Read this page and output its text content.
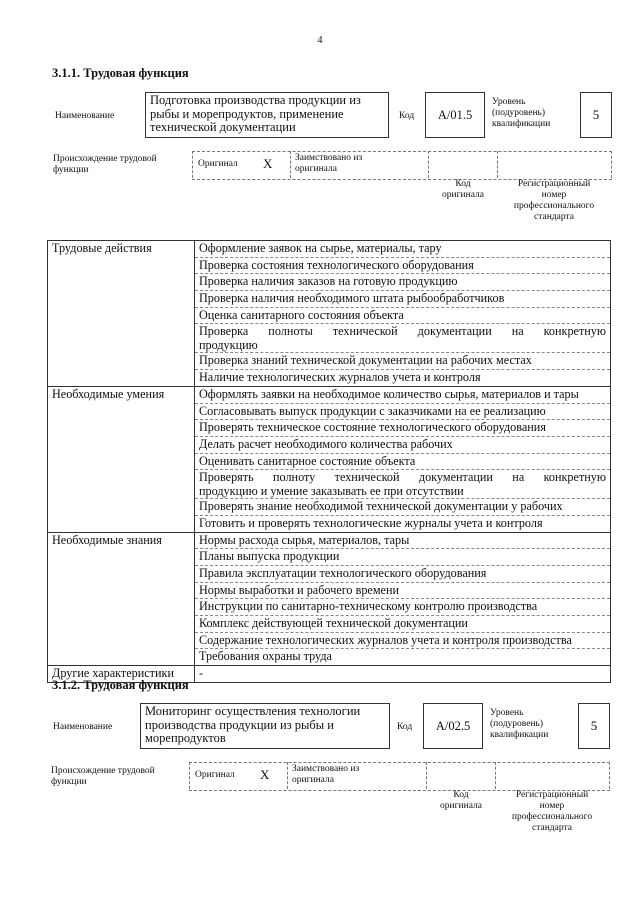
4
3.1.1. Трудовая функция
Наименование
Подготовка производства продукции из
рыбы и морепродуктов, применение
технической документации
Код	A/01.5
Уровень
(подуровень)
квалификации
5
Происхождение трудовой
функции
Оригинал X Заимствовано из
оригинала
Код
оригинала
Регистрационный
номер
профессионального
стандарта
Трудовые действия	Оформление заявок на сырье, материалы, тару
	Проверка состояния технологического оборудования
	Проверка наличия заказов на готовую продукцию
	Проверка наличия необходимого штата рыбообработчиков
	Оценка санитарного состояния объекта

	Проверка полноты технической документации на конкретную
продукцию

	Проверка знаний технической документации на рабочих местах
	Наличие технологических журналов учета и контроля
Необходимые умения	Оформлять заявки на необходимое количество сырья, материалов и тары
	Согласовывать выпуск продукции с заказчиками на ее реализацию
	Проверять техническое состояние технологического оборудования
	Делать расчет необходимого количества рабочих
	Оценивать санитарное состояние объекта

	Проверять полноту технической документации на конкретную
продукцию и умение заказывать ее при отсутствии

	Проверять знание необходимой технической документации у рабочих
	Готовить и проверять технологические журналы учета и контроля
Необходимые знания	Нормы расхода сырья, материалов, тары
	Планы выпуска продукции
	Правила эксплуатации технологического оборудования
	Нормы выработки и рабочего времени
	Инструкции по санитарно-техническому контролю производства
	Комплекс действующей технической документации
	Содержание технологических журналов учета и контроля производства
	Требования охраны труда
Другие характеристики	-
3.1.2. Трудовая функция
Наименование
Мониторинг осуществления технологии
производства продукции из рыбы и
морепродуктов
Код	A/02.5
Уровень
(подуровень)
квалификации
5
Происхождение трудовой
функции
Оригинал X Заимствовано из
оригинала
Код
оригинала
Регистрационный
номер
профессионального
стандарта
